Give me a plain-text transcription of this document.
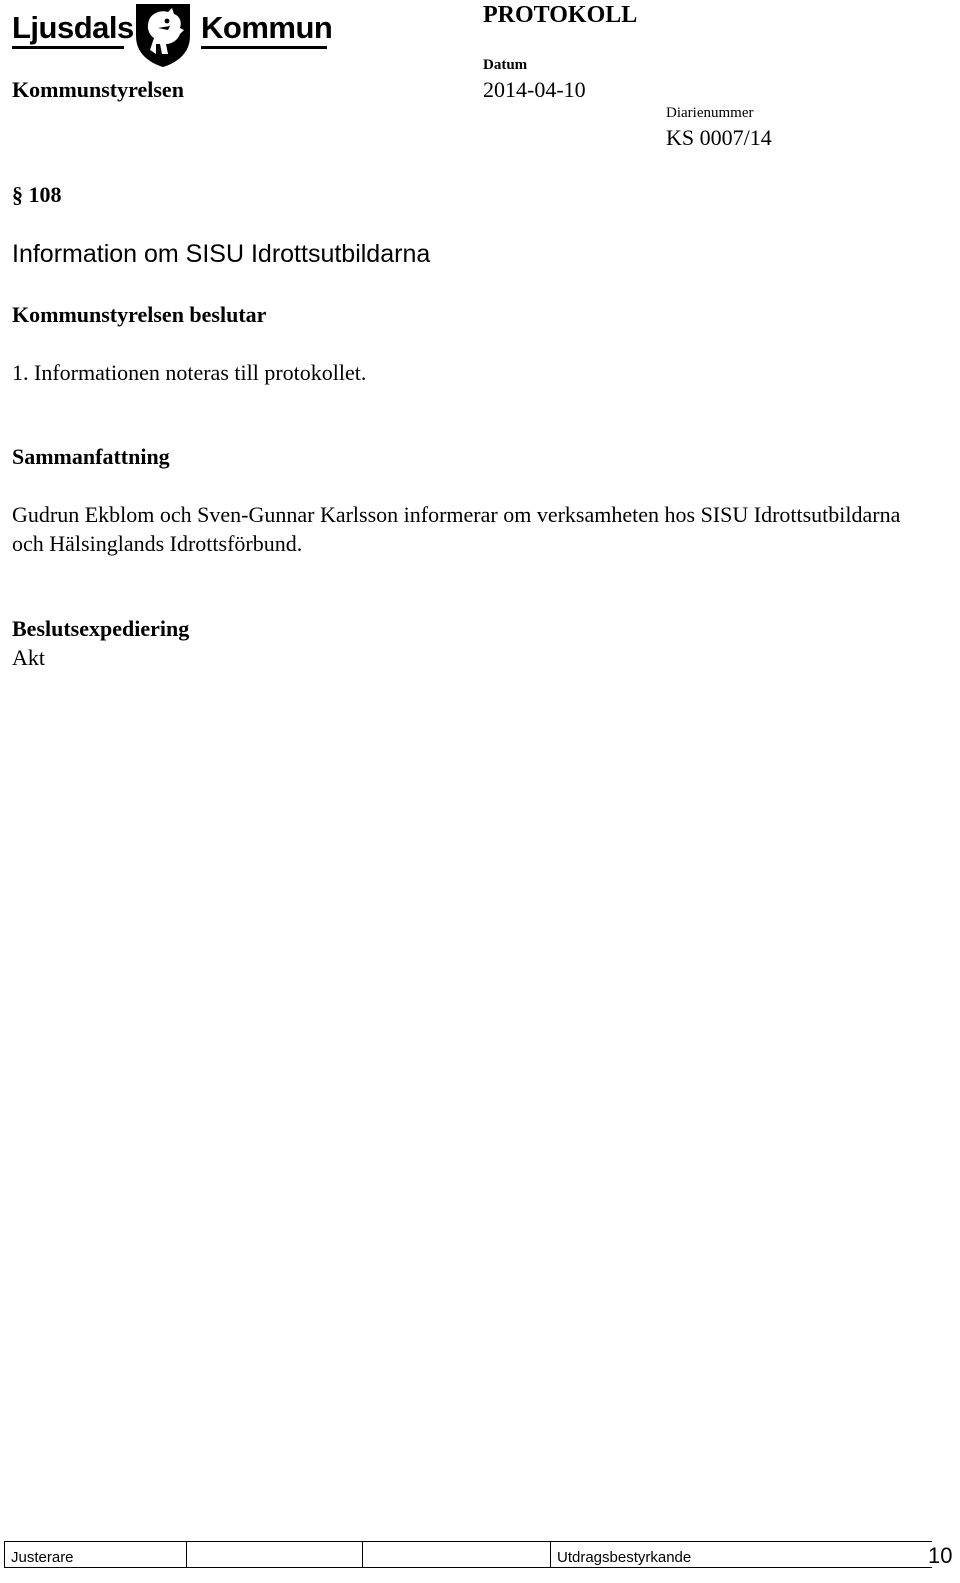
Ljusdals Kommun	PROTOKOLL
Kommunstyrelsen
Datum
2014-04-10
Diarienummer
KS 0007/14
§ 108
Information om SISU Idrottsutbildarna
Kommunstyrelsen beslutar
1. Informationen noteras till protokollet.
Sammanfattning
Gudrun Ekblom och Sven-Gunnar Karlsson informerar om verksamheten hos SISU Idrottsutbildarna och Hälsinglands Idrottsförbund.
Beslutsexpediering
Akt
Justerare	Utdragsbestyrkande	10
